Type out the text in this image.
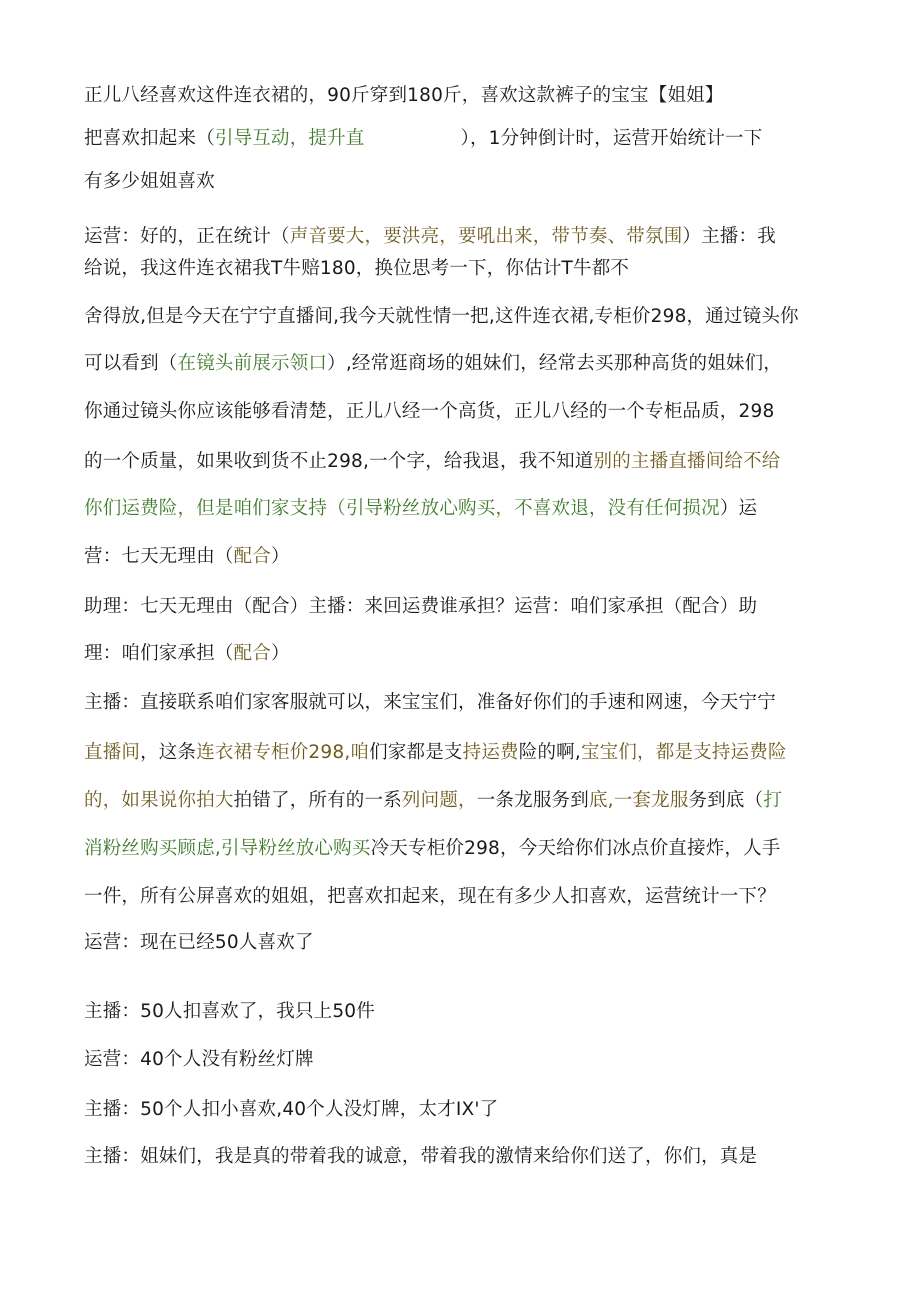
正儿八经喜欢这件连衣裙的，90斤穿到180斤，喜欢这款裤子的宝宝【姐姐】
把喜欢扣起来（引导互动，提升直	），1分钟倒计时，运营开始统计一下
有多少姐姐喜欢
运营：好的，正在统计（声音要大，要洪亮，要吼出来，带节奏、带氛围）主播：我
给说，我这件连衣裙我T牛赔180，换位思考一下，你估计T牛都不
舍得放,但是今天在宁宁直播间,我今天就性情一把,这件连衣裙,专柜价298，通过镜头你
可以看到（在镜头前展示领口）,经常逛商场的姐妹们，经常去买那种高货的姐妹们，
你通过镜头你应该能够看清楚，正儿八经一个高货，正儿八经的一个专柜品质，298
的一个质量，如果收到货不止298,一个字，给我退，我不知道别的主播直播间给不给
你们运费险，但是咱们家支持（引导粉丝放心购买，不喜欢退，没有任何损况）运
营：七天无理由（配合）
助理：七天无理由（配合）主播：来回运费谁承担？运营：咱们家承担（配合）助
理：咱们家承担（配合）
主播：直接联系咱们家客服就可以，来宝宝们，准备好你们的手速和网速，今天宁宁
直播间，这条连衣裙专柜价298,咱们家都是支持运费险的啊,宝宝们，都是支持运费险
的，如果说你拍大拍错了，所有的一系列问题，一条龙服务到底,一套龙服务到底（打
消粉丝购买顾虑,引导粉丝放心购买冷天专柜价298，今天给你们冰点价直接炸，人手
一件，所有公屏喜欢的姐姐，把喜欢扣起来，现在有多少人扣喜欢，运营统计一下？
运营：现在已经50人喜欢了
主播：50人扣喜欢了，我只上50件
运营：40个人没有粉丝灯牌
主播：50个人扣小喜欢,40个人没灯牌，太才IX'了
主播：姐妹们，我是真的带着我的诚意，带着我的激情来给你们送了，你们，真是
